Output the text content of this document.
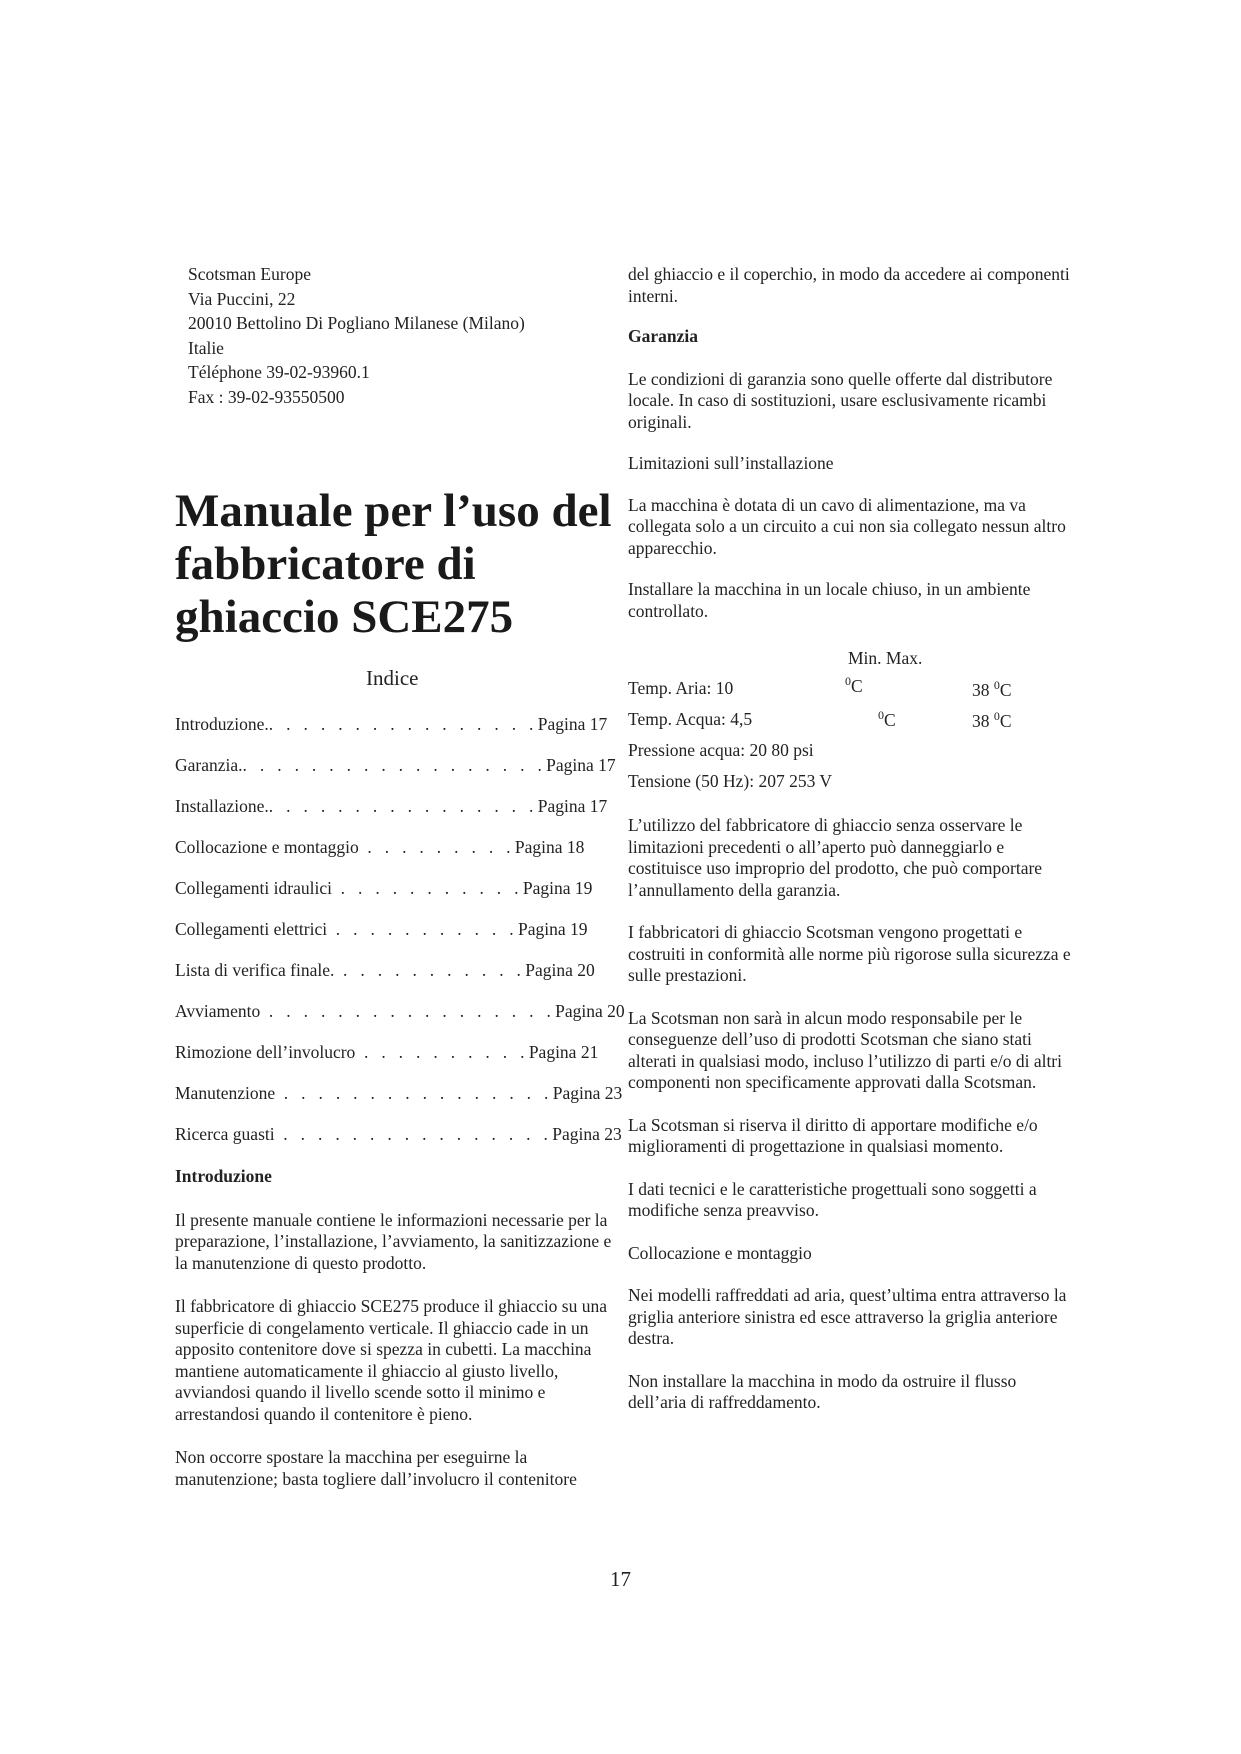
Scotsman Europe
Via Puccini, 22
20010 Bettolino Di Pogliano Milanese (Milano)
Italie
Téléphone 39-02-93960.1
Fax : 39-02-93550500
Manuale per l’uso del
fabbricatore di
ghiaccio SCE275
Indice
Introduzione.. . . . . . . . . . . . . . . .Pagina 17
Garanzia.. . . . . . . . . . . . . . . . . .Pagina 17
Installazione.. . . . . . . . . . . . . . . .Pagina 17
Collocazione e montaggio . . . . . . . . .Pagina 18
Collegamenti idraulici . . . . . . . . . . .Pagina 19
Collegamenti elettrici . . . . . . . . . . .Pagina 19
Lista di verifica finale. . . . . . . . . . . .Pagina 20
Avviamento . . . . . . . . . . . . . . . . .Pagina 20
Rimozione dell’involucro . . . . . . . . . .Pagina 21
Manutenzione . . . . . . . . . . . . . . . .Pagina 23
Ricerca guasti . . . . . . . . . . . . . . . .Pagina 23

Introduzione

Il presente manuale contiene le informazioni necessarie per la preparazione, l’installazione, l’avviamento, la sanitizzazione e la manutenzione di questo prodotto.

Il fabbricatore di ghiaccio SCE275 produce il ghiaccio su una superficie di congelamento verticale. Il ghiaccio cade in un apposito contenitore dove si spezza in cubetti. La macchina mantiene automaticamente il ghiaccio al giusto livello, avviandosi quando il livello scende sotto il minimo e arrestandosi quando il contenitore è pieno.

Non occorre spostare la macchina per eseguirne la manutenzione; basta togliere dall’involucro il contenitore

del ghiaccio e il coperchio, in modo da accedere ai componenti interni.

Garanzia

Le condizioni di garanzia sono quelle offerte dal distributore locale. In caso di sostituzioni, usare esclusivamente ricambi originali.

Limitazioni sull’installazione

La macchina è dotata di un cavo di alimentazione, ma va collegata solo a un circuito a cui non sia collegato nessun altro apparecchio.

Installare la macchina in un locale chiuso, in un ambiente controllato.

Min. Max.
Temp. Aria: 10	$^0$C	38 $^0$C
Temp. Acqua: 4,5	$^0$C	38 $^0$C
Pressione acqua: 20 80 psi
Tensione (50 Hz): 207 253 V

L’utilizzo del fabbricatore di ghiaccio senza osservare le limitazioni precedenti o all’aperto può danneggiarlo e costituisce uso improprio del prodotto, che può comportare l’annullamento della garanzia.

I fabbricatori di ghiaccio Scotsman vengono progettati e costruiti in conformità alle norme più rigorose sulla sicurezza e sulle prestazioni.

La Scotsman non sarà in alcun modo responsabile per le conseguenze dell’uso di prodotti Scotsman che siano stati alterati in qualsiasi modo, incluso l’utilizzo di parti e/o di altri componenti non specificamente approvati dalla Scotsman.

La Scotsman si riserva il diritto di apportare modifiche e/o miglioramenti di progettazione in qualsiasi momento.

I dati tecnici e le caratteristiche progettuali sono soggetti a modifiche senza preavviso.

Collocazione e montaggio

Nei modelli raffreddati ad aria, quest’ultima entra attraverso la griglia anteriore sinistra ed esce attraverso la griglia anteriore destra.

Non installare la macchina in modo da ostruire il flusso dell’aria di raffreddamento.

17
